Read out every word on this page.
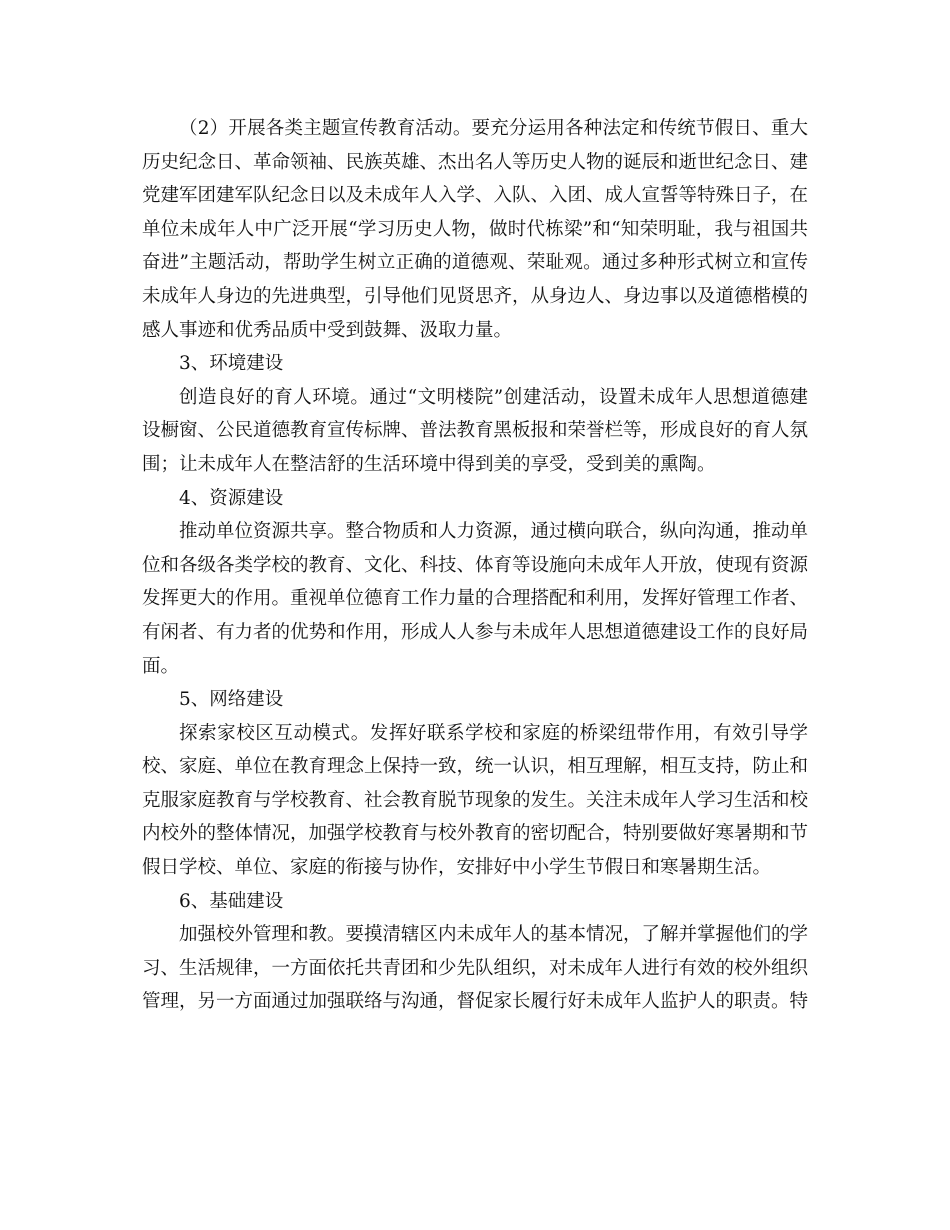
（2）开展各类主题宣传教育活动。要充分运用各种法定和传统节假日、重大历史纪念日、革命领袖、民族英雄、杰出名人等历史人物的诞辰和逝世纪念日、建党建军团建军队纪念日以及未成年人入学、入队、入团、成人宣誓等特殊日子，在单位未成年人中广泛开展“学习历史人物，做时代栋梁”和“知荣明耻，我与祖国共奋进”主题活动，帮助学生树立正确的道德观、荣耻观。通过多种形式树立和宣传未成年人身边的先进典型，引导他们见贤思齐，从身边人、身边事以及道德楷模的感人事迹和优秀品质中受到鼓舞、汲取力量。

3、环境建设

创造良好的育人环境。通过“文明楼院”创建活动，设置未成年人思想道德建设橱窗、公民道德教育宣传标牌、普法教育黑板报和荣誉栏等，形成良好的育人氛围；让未成年人在整洁舒的生活环境中得到美的享受，受到美的熏陶。

4、资源建设

推动单位资源共享。整合物质和人力资源，通过横向联合，纵向沟通，推动单位和各级各类学校的教育、文化、科技、体育等设施向未成年人开放，使现有资源发挥更大的作用。重视单位德育工作力量的合理搭配和利用，发挥好管理工作者、有闲者、有力者的优势和作用，形成人人参与未成年人思想道德建设工作的良好局面。

5、网络建设

探索家校区互动模式。发挥好联系学校和家庭的桥梁纽带作用，有效引导学校、家庭、单位在教育理念上保持一致，统一认识，相互理解，相互支持，防止和克服家庭教育与学校教育、社会教育脱节现象的发生。关注未成年人学习生活和校内校外的整体情况，加强学校教育与校外教育的密切配合，特别要做好寒暑期和节假日学校、单位、家庭的衔接与协作，安排好中小学生节假日和寒暑期生活。

6、基础建设

加强校外管理和教。要摸清辖区内未成年人的基本情况，了解并掌握他们的学习、生活规律，一方面依托共青团和少先队组织，对未成年人进行有效的校外组织管理，另一方面通过加强联络与沟通，督促家长履行好未成年人监护人的职责。特
